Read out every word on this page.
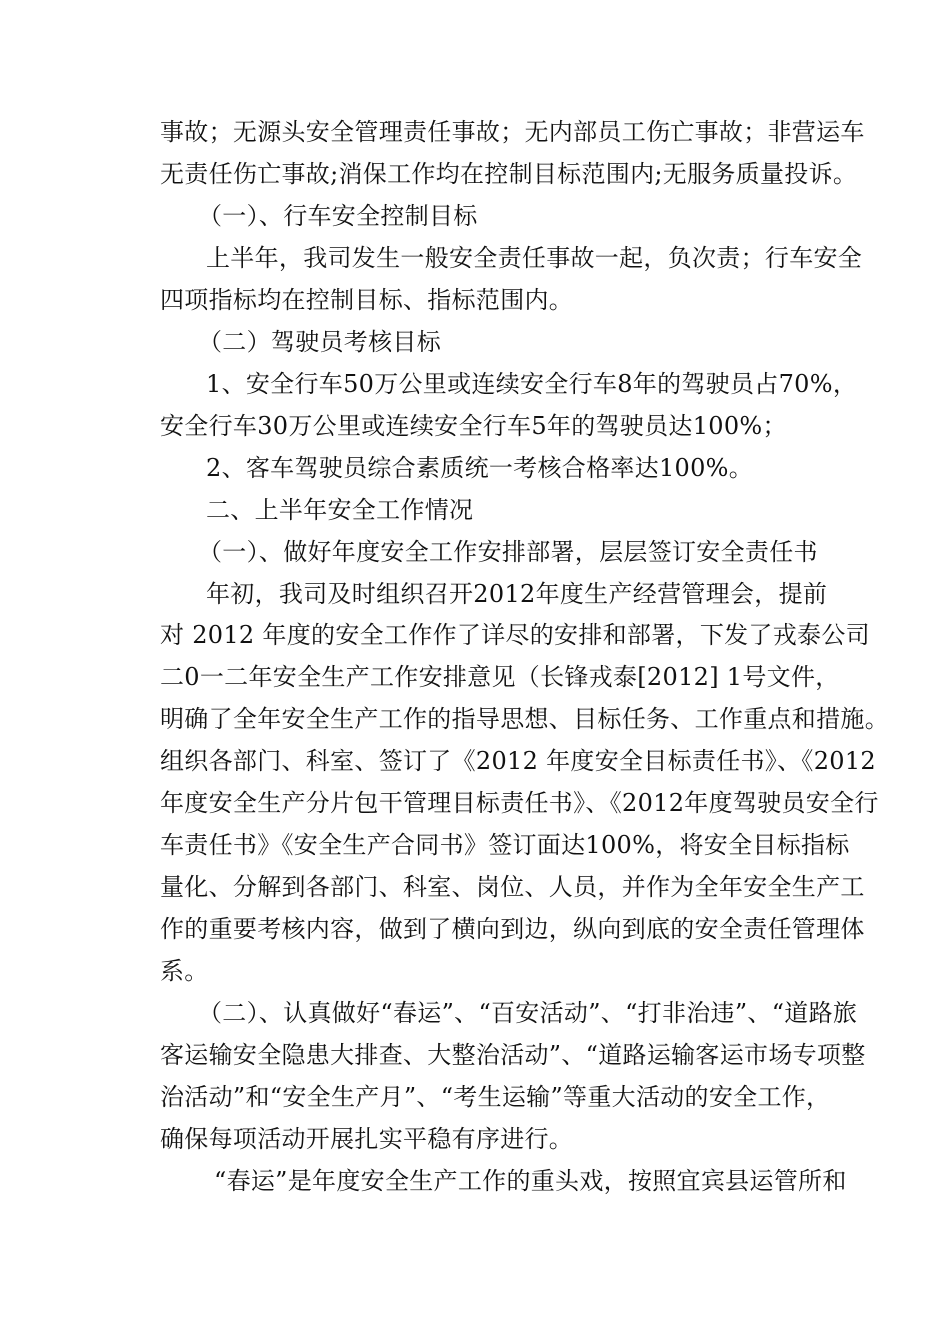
事故；无源头安全管理责任事故；无内部员工伤亡事故；非营运车
无责任伤亡事故;消保工作均在控制目标范围内;无服务质量投诉。
（一）、行车安全控制目标
上半年，我司发生一般安全责任事故一起，负次责；行车安全
四项指标均在控制目标、指标范围内。
（二）驾驶员考核目标
1、安全行车50万公里或连续安全行车8年的驾驶员占70%，
安全行车30万公里或连续安全行车5年的驾驶员达100%；
2、客车驾驶员综合素质统一考核合格率达100%。
二、上半年安全工作情况
（一）、做好年度安全工作安排部署，层层签订安全责任书
年初，我司及时组织召开2012年度生产经营管理会，提前
对 2012 年度的安全工作作了详尽的安排和部署，下发了戎泰公司
二0一二年安全生产工作安排意见（长锋戎泰[2012] 1号文件，
明确了全年安全生产工作的指导思想、目标任务、工作重点和措施。
组织各部门、科室、签订了《2012 年度安全目标责任书》、《2012
年度安全生产分片包干管理目标责任书》、《2012年度驾驶员安全行
车责任书》《安全生产合同书》签订面达100%，将安全目标指标
量化、分解到各部门、科室、岗位、人员，并作为全年安全生产工
作的重要考核内容，做到了横向到边，纵向到底的安全责任管理体
系。
（二）、认真做好“春运”、“百安活动”、“打非治违”、“道路旅
客运输安全隐患大排查、大整治活动”、“道路运输客运市场专项整
治活动”和“安全生产月”、“考生运输”等重大活动的安全工作，
确保每项活动开展扎实平稳有序进行。
“春运”是年度安全生产工作的重头戏，按照宜宾县运管所和
